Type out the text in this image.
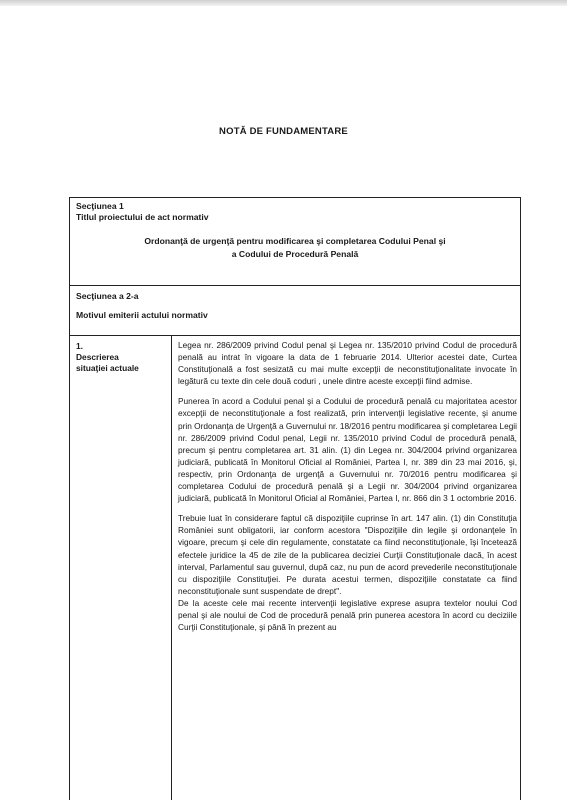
NOTĂ DE FUNDAMENTARE
Secţiunea 1
Titlul proiectului de act normativ
Ordonanţă de urgenţă pentru modificarea şi completarea Codului Penal şi
a Codului de Procedură Penală
Secţiunea a 2-a
Motivul emiterii actului normativ
1.Descrierea
situaţiei actuale

Legea nr. 286/2009 privind Codul penal şi Legea nr. 135/2010 privind Codul de procedură penală au intrat în vigoare la data de 1 februarie 2014. Ulterior acestei date, Curtea Constituţională a fost sesizată cu mai multe excepţii de neconstituţionalitate invocate în legătură cu texte din cele două coduri , unele dintre aceste excepţii fiind admise.

Punerea în acord a Codului penal şi a Codului de procedură penală cu majoritatea acestor excepţii de neconstituţionale a fost realizată, prin intervenţii legislative recente, şi anume prin Ordonanţa de Urgenţă a Guvernului nr. 18/2016 pentru modificarea şi completarea Legii nr. 286/2009 privind Codul penal, Legii nr. 135/2010 privind Codul de procedură penală, precum şi pentru completarea art. 31 alin. (1) din Legea nr. 304/2004 privind organizarea judiciară, publicată în Monitorul Oficial al României, Partea I, nr. 389 din 23 mai 2016, şi, respectiv, prin Ordonanţa de urgenţă a Guvernului nr. 70/2016 pentru modificarea şi completarea Codului de procedură penală şi a Legii nr. 304/2004 privind organizarea judiciară, publicată în Monitorul Oficial al României, Partea I, nr. 866 din 3 1 octombrie 2016.

Trebuie luat în considerare faptul că dispoziţiile cuprinse în art. 147 alin. (1) din Constituţia României sunt obligatorii, iar conform acestora "Dispoziţiile din legile şi ordonanţele în vigoare, precum şi cele din regulamente, constatate ca fiind neconstituţionale, îşi încetează efectele juridice la 45 de zile de la publicarea deciziei Curţii Constituţionale dacă, în acest interval, Parlamentul sau guvernul, după caz, nu pun de acord prevederile neconstituţionale cu dispoziţiile Constituţiei. Pe durata acestui termen, dispoziţiile constatate ca fiind neconstituţionale sunt suspendate de drept".

De la aceste cele mai recente intervenţii legislative exprese asupra textelor noului Cod penal şi ale noului de Cod de procedură penală prin punerea acestora în acord cu deciziile Curţii Constituţionale, şi până în prezent au
